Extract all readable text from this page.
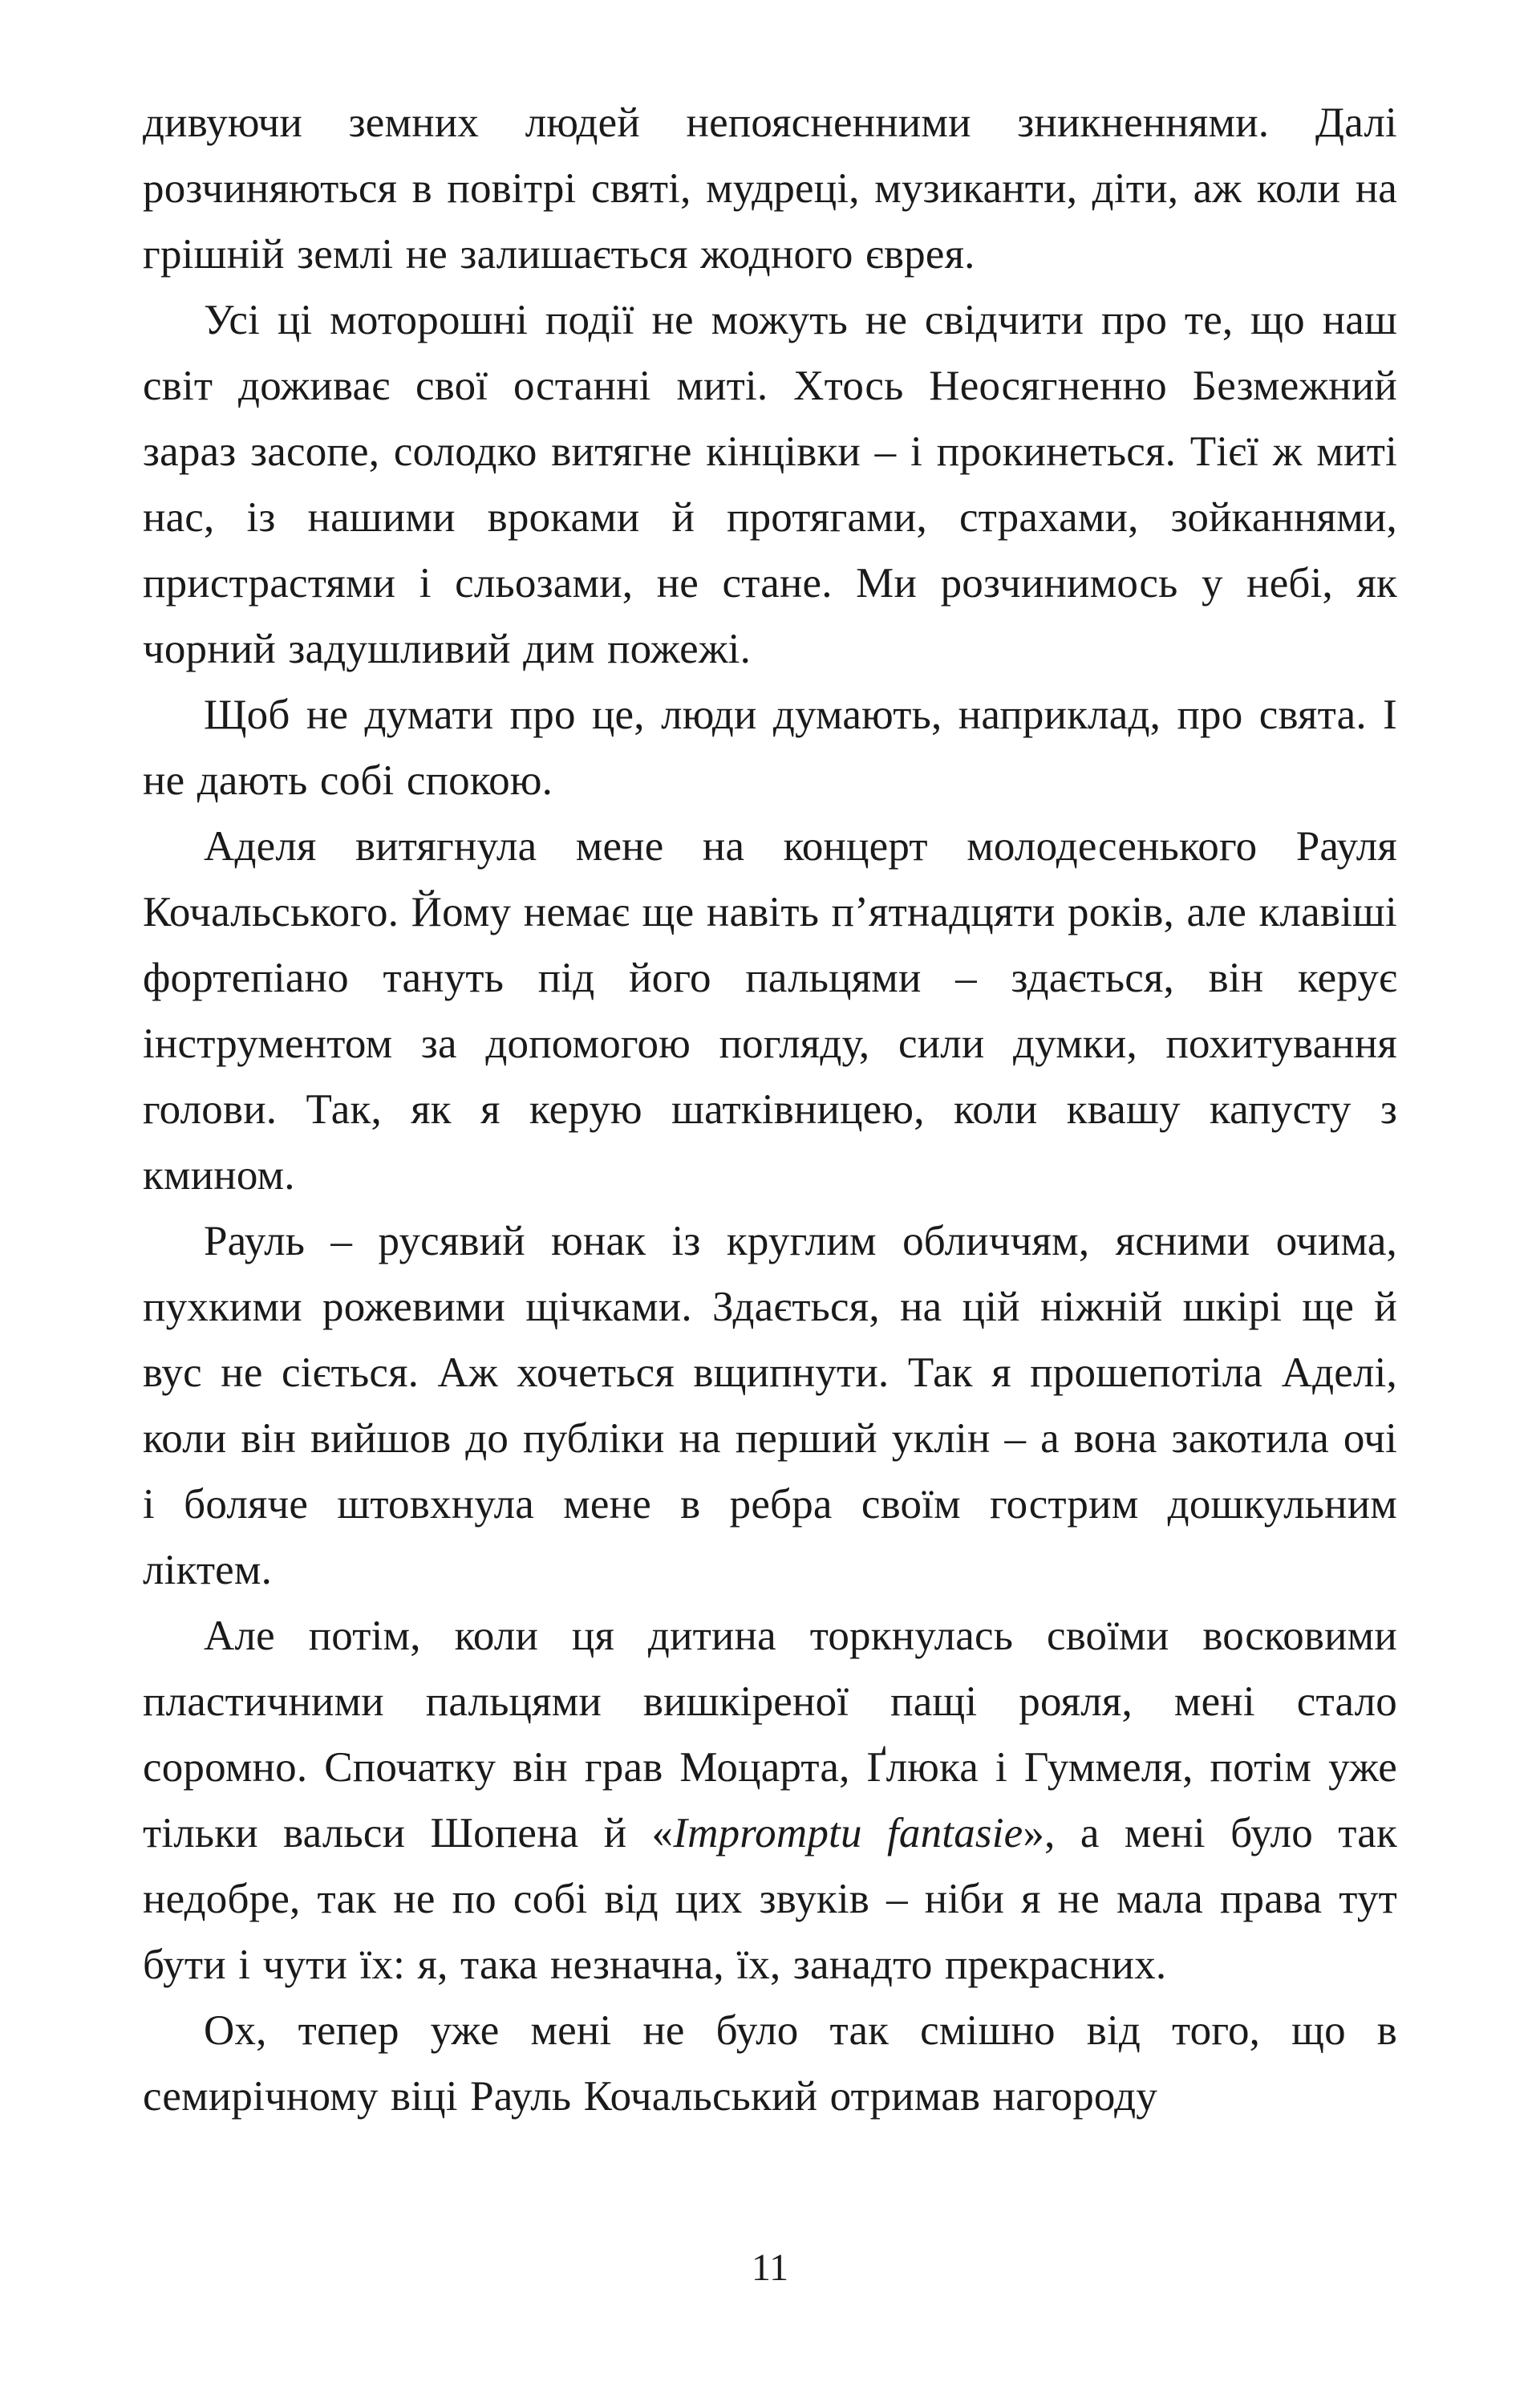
дивуючи земних людей непоясненними зникненнями. Далі розчиняються в повітрі святі, мудреці, музиканти, діти, аж коли на грішній землі не залишається жодного єврея.

Усі ці моторошні події не можуть не свідчити про те, що наш світ доживає свої останні миті. Хтось Неосягненно Безмежний зараз засопе, солодко витягне кінцівки – і прокинеться. Тієї ж миті нас, із нашими вроками й протягами, страхами, зойканнями, пристрастями і сльозами, не стане. Ми розчинимось у небі, як чорний задушливий дим пожежі.

Щоб не думати про це, люди думають, наприклад, про свята. І не дають собі спокою.

Аделя витягнула мене на концерт молодесенького Рауля Кочальського. Йому немає ще навіть п’ятнадцяти років, але клавіші фортепіано тануть під його пальцями – здається, він керує інструментом за допомогою погляду, сили думки, похитування голови. Так, як я керую шатківницею, коли квашу капусту з кмином.

Рауль – русявий юнак із круглим обличчям, ясними очима, пухкими рожевими щічками. Здається, на цій ніжній шкірі ще й вус не сіється. Аж хочеться вщипнути. Так я прошепотіла Аделі, коли він вийшов до публіки на перший уклін – а вона закотила очі і боляче штовхнула мене в ребра своїм гострим дошкульним ліктем.

Але потім, коли ця дитина торкнулась своїми восковими пластичними пальцями вишкіреної пащі рояля, мені стало соромно. Спочатку він грав Моцарта, Ґлюка і Гуммеля, потім уже тільки вальси Шопена й «Impromptu fantasie», а мені було так недобре, так не по собі від цих звуків – ніби я не мала права тут бути і чути їх: я, така незначна, їх, занадто прекрасних.

Ох, тепер уже мені не було так смішно від того, що в семирічному віці Рауль Кочальський отримав нагороду

11
